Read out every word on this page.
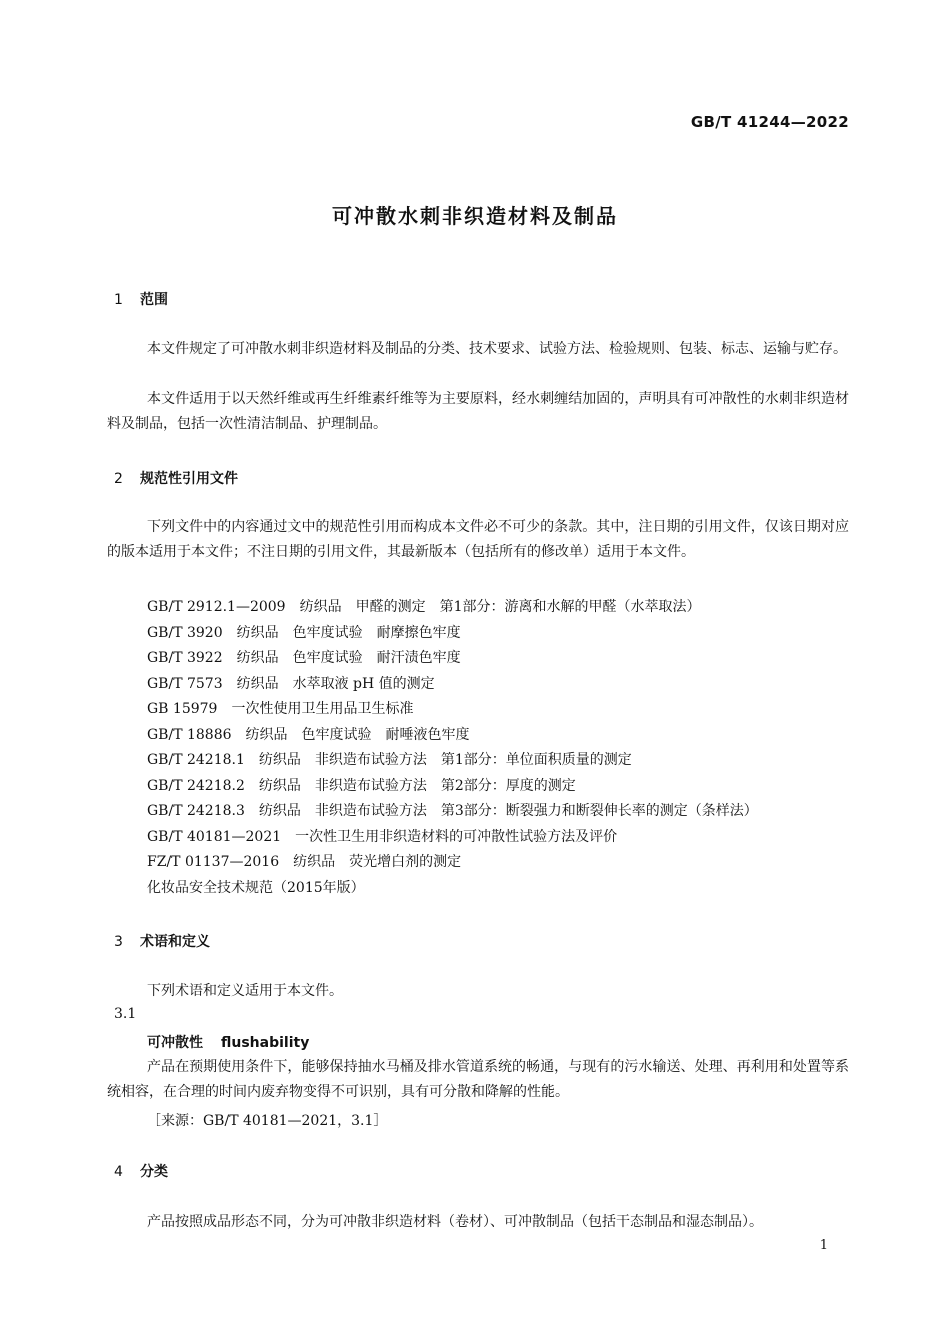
GB/T 41244—2022
可冲散水刺非织造材料及制品
1 范围
本文件规定了可冲散水刺非织造材料及制品的分类、技术要求、试验方法、检验规则、包装、标志、运输与贮存。
本文件适用于以天然纤维或再生纤维素纤维等为主要原料，经水刺缠结加固的，声明具有可冲散性的水刺非织造材料及制品，包括一次性清洁制品、护理制品。
2 规范性引用文件
下列文件中的内容通过文中的规范性引用而构成本文件必不可少的条款。其中，注日期的引用文件，仅该日期对应的版本适用于本文件；不注日期的引用文件，其最新版本（包括所有的修改单）适用于本文件。
GB/T 2912.1—2009　纺织品　甲醛的测定　第1部分：游离和水解的甲醛（水萃取法）
GB/T 3920　纺织品　色牢度试验　耐摩擦色牢度
GB/T 3922　纺织品　色牢度试验　耐汗渍色牢度
GB/T 7573　纺织品　水萃取液 pH 值的测定
GB 15979　一次性使用卫生用品卫生标准
GB/T 18886　纺织品　色牢度试验　耐唾液色牢度
GB/T 24218.1　纺织品　非织造布试验方法　第1部分：单位面积质量的测定
GB/T 24218.2　纺织品　非织造布试验方法　第2部分：厚度的测定
GB/T 24218.3　纺织品　非织造布试验方法　第3部分：断裂强力和断裂伸长率的测定（条样法）
GB/T 40181—2021　一次性卫生用非织造材料的可冲散性试验方法及评价
FZ/T 01137—2016　纺织品　荧光增白剂的测定
化妆品安全技术规范（2015年版）
3 术语和定义
下列术语和定义适用于本文件。
3.1
可冲散性 flushability
产品在预期使用条件下，能够保持抽水马桶及排水管道系统的畅通，与现有的污水输送、处理、再利用和处置等系统相容，在合理的时间内废弃物变得不可识别，具有可分散和降解的性能。
［来源：GB/T 40181—2021，3.1］
4 分类
产品按照成品形态不同，分为可冲散非织造材料（卷材）、可冲散制品（包括干态制品和湿态制品）。
1
